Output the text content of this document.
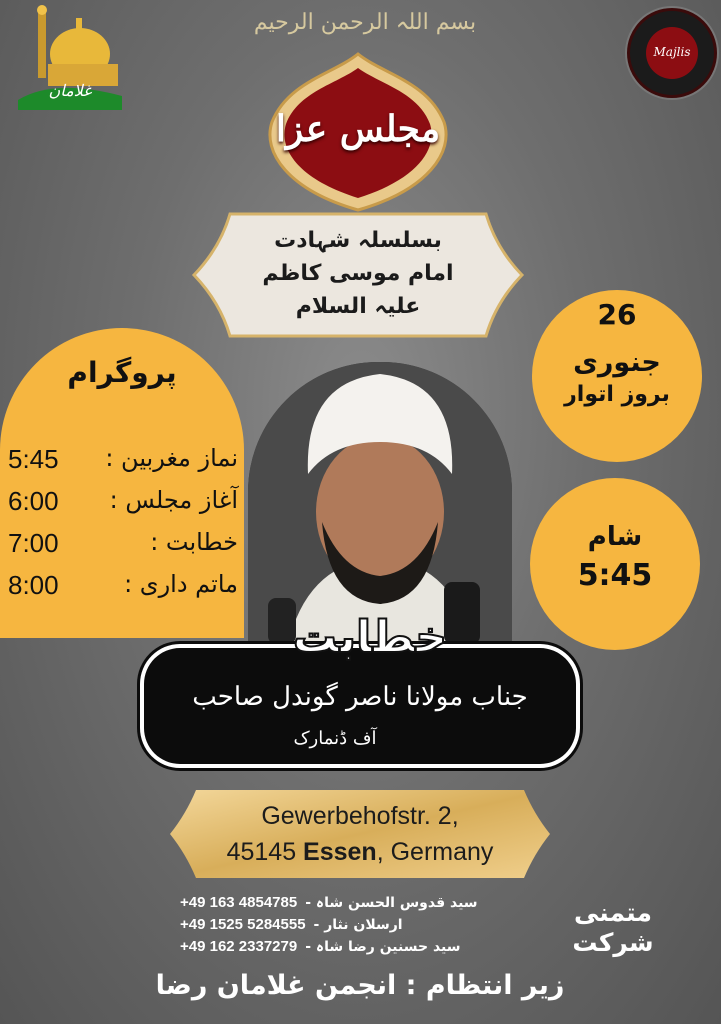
بسم اللہ الرحمن الرحیم
غلامان
Majlis
مجلس عزا
بسلسلہ شہادت
امام موسی کاظم
علیہ السلام	26
جنوری
بروز اتوار
شام
5:45
پروگرام
نماز مغربین :
5:45
آغاز مجلس :
6:00
خطابت :
7:00
ماتم داری :
8:00
خطابت
جناب مولانا ناصر گوندل صاحب
آف ڈنمارک
Gewerbehofstr. 2,
45145 Essen, Germany
سید قدوس الحسن شاہ -
+49 163 4854785
ارسلان نثار -
+49 1525 5284555
سید حسنین رضا شاہ -
+49 162 2337279
متمنی
شرکت
زیر انتظام : انجمن غلامان رضا
